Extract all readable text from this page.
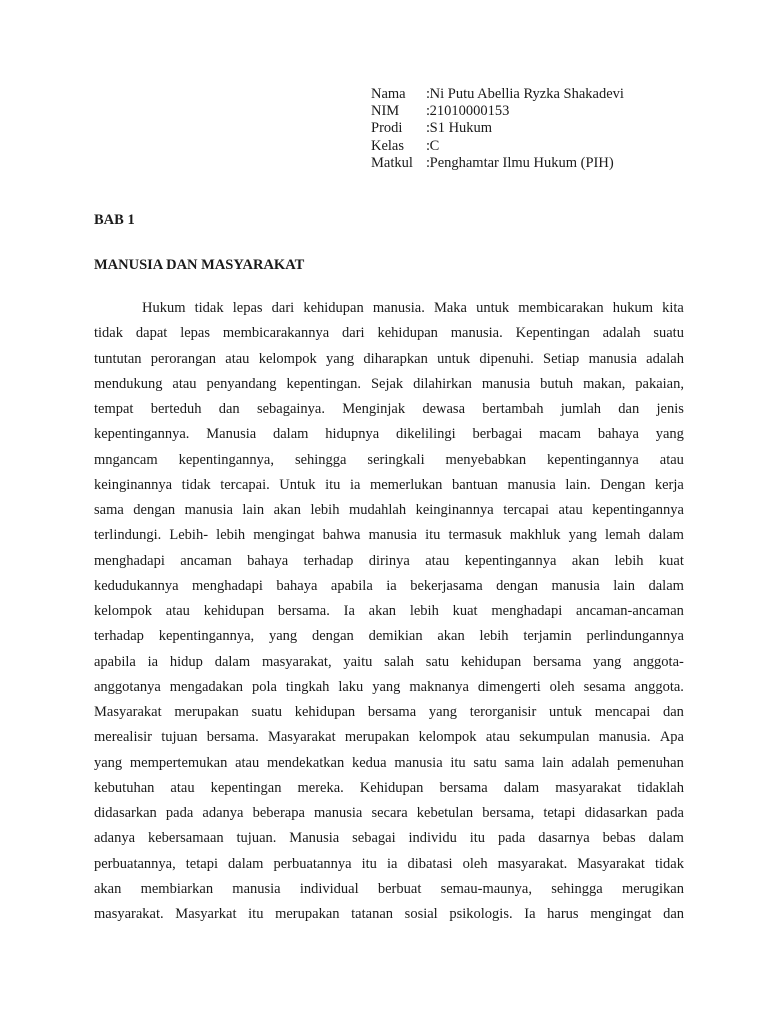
Nama	: Ni Putu Abellia Ryzka Shakadevi
NIM	: 21010000153
Prodi	: S1 Hukum
Kelas	: C
Matkul : Penghamtar Ilmu Hukum (PIH)
BAB 1
MANUSIA DAN MASYARAKAT
Hukum tidak lepas dari kehidupan manusia. Maka untuk membicarakan hukum kita
tidak dapat lepas membicarakannya dari kehidupan manusia. Kepentingan adalah suatu
tuntutan perorangan atau kelompok yang diharapkan untuk dipenuhi. Setiap manusia adalah
mendukung atau penyandang kepentingan. Sejak dilahirkan manusia butuh makan, pakaian,
tempat berteduh dan sebagainya. Menginjak dewasa bertambah jumlah dan jenis
kepentingannya. Manusia dalam hidupnya dikelilingi berbagai macam bahaya yang
mngancam kepentingannya, sehingga seringkali menyebabkan kepentingannya atau
keinginannya tidak tercapai. Untuk itu ia memerlukan bantuan manusia lain. Dengan kerja
sama dengan manusia lain akan lebih mudahlah keinginannya tercapai atau kepentingannya
terlindungi. Lebih- lebih mengingat bahwa manusia itu termasuk makhluk yang lemah dalam
menghadapi ancaman bahaya terhadap dirinya atau kepentingannya akan lebih kuat
kedudukannya menghadapi bahaya apabila ia bekerjasama dengan manusia lain dalam
kelompok atau kehidupan bersama. Ia akan lebih kuat menghadapi ancaman-ancaman
terhadap kepentingannya, yang dengan demikian akan lebih terjamin perlindungannya
apabila ia hidup dalam masyarakat, yaitu salah satu kehidupan bersama yang anggota-
anggotanya mengadakan pola tingkah laku yang maknanya dimengerti oleh sesama anggota.
Masyarakat merupakan suatu kehidupan bersama yang terorganisir untuk mencapai dan
merealisir tujuan bersama. Masyarakat merupakan kelompok atau sekumpulan manusia. Apa
yang mempertemukan atau mendekatkan kedua manusia itu satu sama lain adalah pemenuhan
kebutuhan atau kepentingan mereka. Kehidupan bersama dalam masyarakat tidaklah
didasarkan pada adanya beberapa manusia secara kebetulan bersama, tetapi didasarkan pada
adanya kebersamaan tujuan. Manusia sebagai individu itu pada dasarnya bebas dalam
perbuatannya, tetapi dalam perbuatannya itu ia dibatasi oleh masyarakat. Masyarakat tidak
akan membiarkan manusia individual berbuat semau-maunya, sehingga merugikan
masyarakat. Masyarkat itu merupakan tatanan sosial psikologis. Ia harus mengingat dan
